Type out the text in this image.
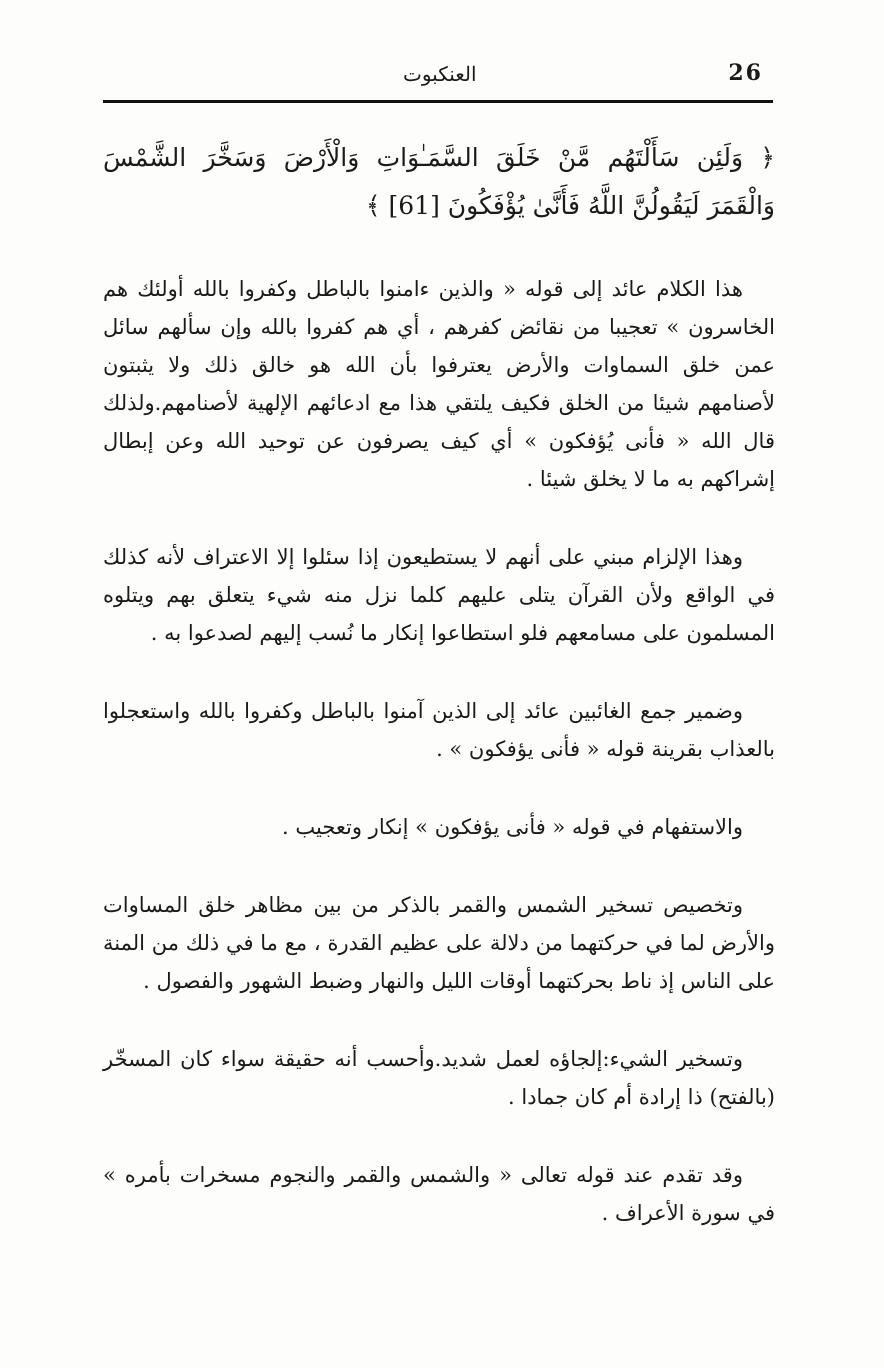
26
العنكبوت
﴿ وَلَئِن سَأَلْتَهُم مَّنْ خَلَقَ السَّمَـٰوَاتِ وَالْأَرْضَ وَسَخَّرَ الشَّمْسَ وَالْقَمَرَ لَيَقُولُنَّ اللَّهُ فَأَنَّىٰ يُؤْفَكُونَ [61] ﴾

هذا الكلام عائد إلى قوله « والذين ءامنوا بالباطل وكفروا بالله أولئك هم الخاسرون » تعجيبا من نقائض كفرهم ، أي هم كفروا بالله وإن سألهم سائل عمن خلق السماوات والأرض يعترفوا بأن الله هو خالق ذلك ولا يثبتون لأصنامهم شيئا من الخلق فكيف يلتقي هذا مع ادعائهم الإلهية لأصنامهم.ولذلك قال الله « فأنى يُؤفكون » أي كيف يصرفون عن توحيد الله وعن إبطال إشراكهم به ما لا يخلق شيئا .

وهذا الإلزام مبني على أنهم لا يستطيعون إذا سئلوا إلا الاعتراف لأنه كذلك في الواقع ولأن القرآن يتلى عليهم كلما نزل منه شيء يتعلق بهم ويتلوه المسلمون على مسامعهم فلو استطاعوا إنكار ما نُسب إليهم لصدعوا به .

وضمير جمع الغائبين عائد إلى الذين آمنوا بالباطل وكفروا بالله واستعجلوا بالعذاب بقرينة قوله « فأنى يؤفكون » .

والاستفهام في قوله « فأنى يؤفكون » إنكار وتعجيب .

وتخصيص تسخير الشمس والقمر بالذكر من بين مظاهر خلق المساوات والأرض لما في حركتهما من دلالة على عظيم القدرة ، مع ما في ذلك من المنة على الناس إذ ناط بحركتهما أوقات الليل والنهار وضبط الشهور والفصول .

وتسخير الشيء:إلجاؤه لعمل شديد.وأحسب أنه حقيقة سواء كان المسخّر (بالفتح) ذا إرادة أم كان جمادا .

وقد تقدم عند قوله تعالى « والشمس والقمر والنجوم مسخرات بأمره » في سورة الأعراف .
